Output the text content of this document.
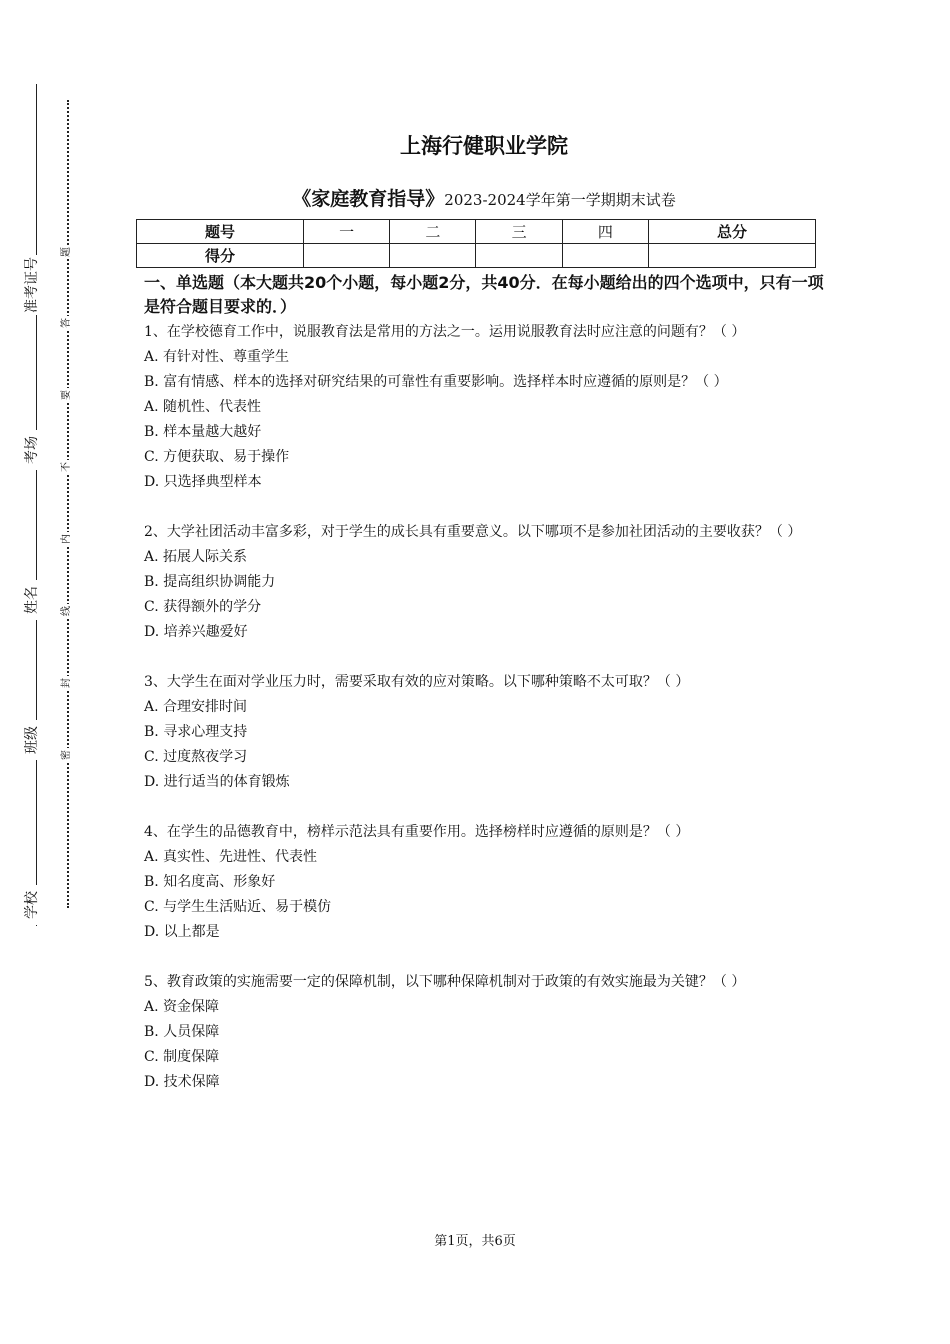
准考证号
考场
姓名
班级
学校
题
答
要
不
内
线
封
密
上海行健职业学院
《家庭教育指导》2023-2024学年第一学期期末试卷
题号	一	二	三	四	总分
得分					
一、单选题（本大题共20个小题，每小题2分，共40分．在每小题给出的四个选项中，只有一项是符合题目要求的．）
1、在学校德育工作中，说服教育法是常用的方法之一。运用说服教育法时应注意的问题有？（ ）
A. 有针对性、尊重学生
B. 富有情感、样本的选择对研究结果的可靠性有重要影响。选择样本时应遵循的原则是？（ ）
A. 随机性、代表性
B. 样本量越大越好
C. 方便获取、易于操作
D. 只选择典型样本
2、大学社团活动丰富多彩，对于学生的成长具有重要意义。以下哪项不是参加社团活动的主要收获？（ ）
A. 拓展人际关系
B. 提高组织协调能力
C. 获得额外的学分
D. 培养兴趣爱好
3、大学生在面对学业压力时，需要采取有效的应对策略。以下哪种策略不太可取？（ ）
A. 合理安排时间
B. 寻求心理支持
C. 过度熬夜学习
D. 进行适当的体育锻炼
4、在学生的品德教育中，榜样示范法具有重要作用。选择榜样时应遵循的原则是？（ ）
A. 真实性、先进性、代表性
B. 知名度高、形象好
C. 与学生生活贴近、易于模仿
D. 以上都是
5、教育政策的实施需要一定的保障机制，以下哪种保障机制对于政策的有效实施最为关键？（ ）
A. 资金保障
B. 人员保障
C. 制度保障
D. 技术保障
第1页，共6页
